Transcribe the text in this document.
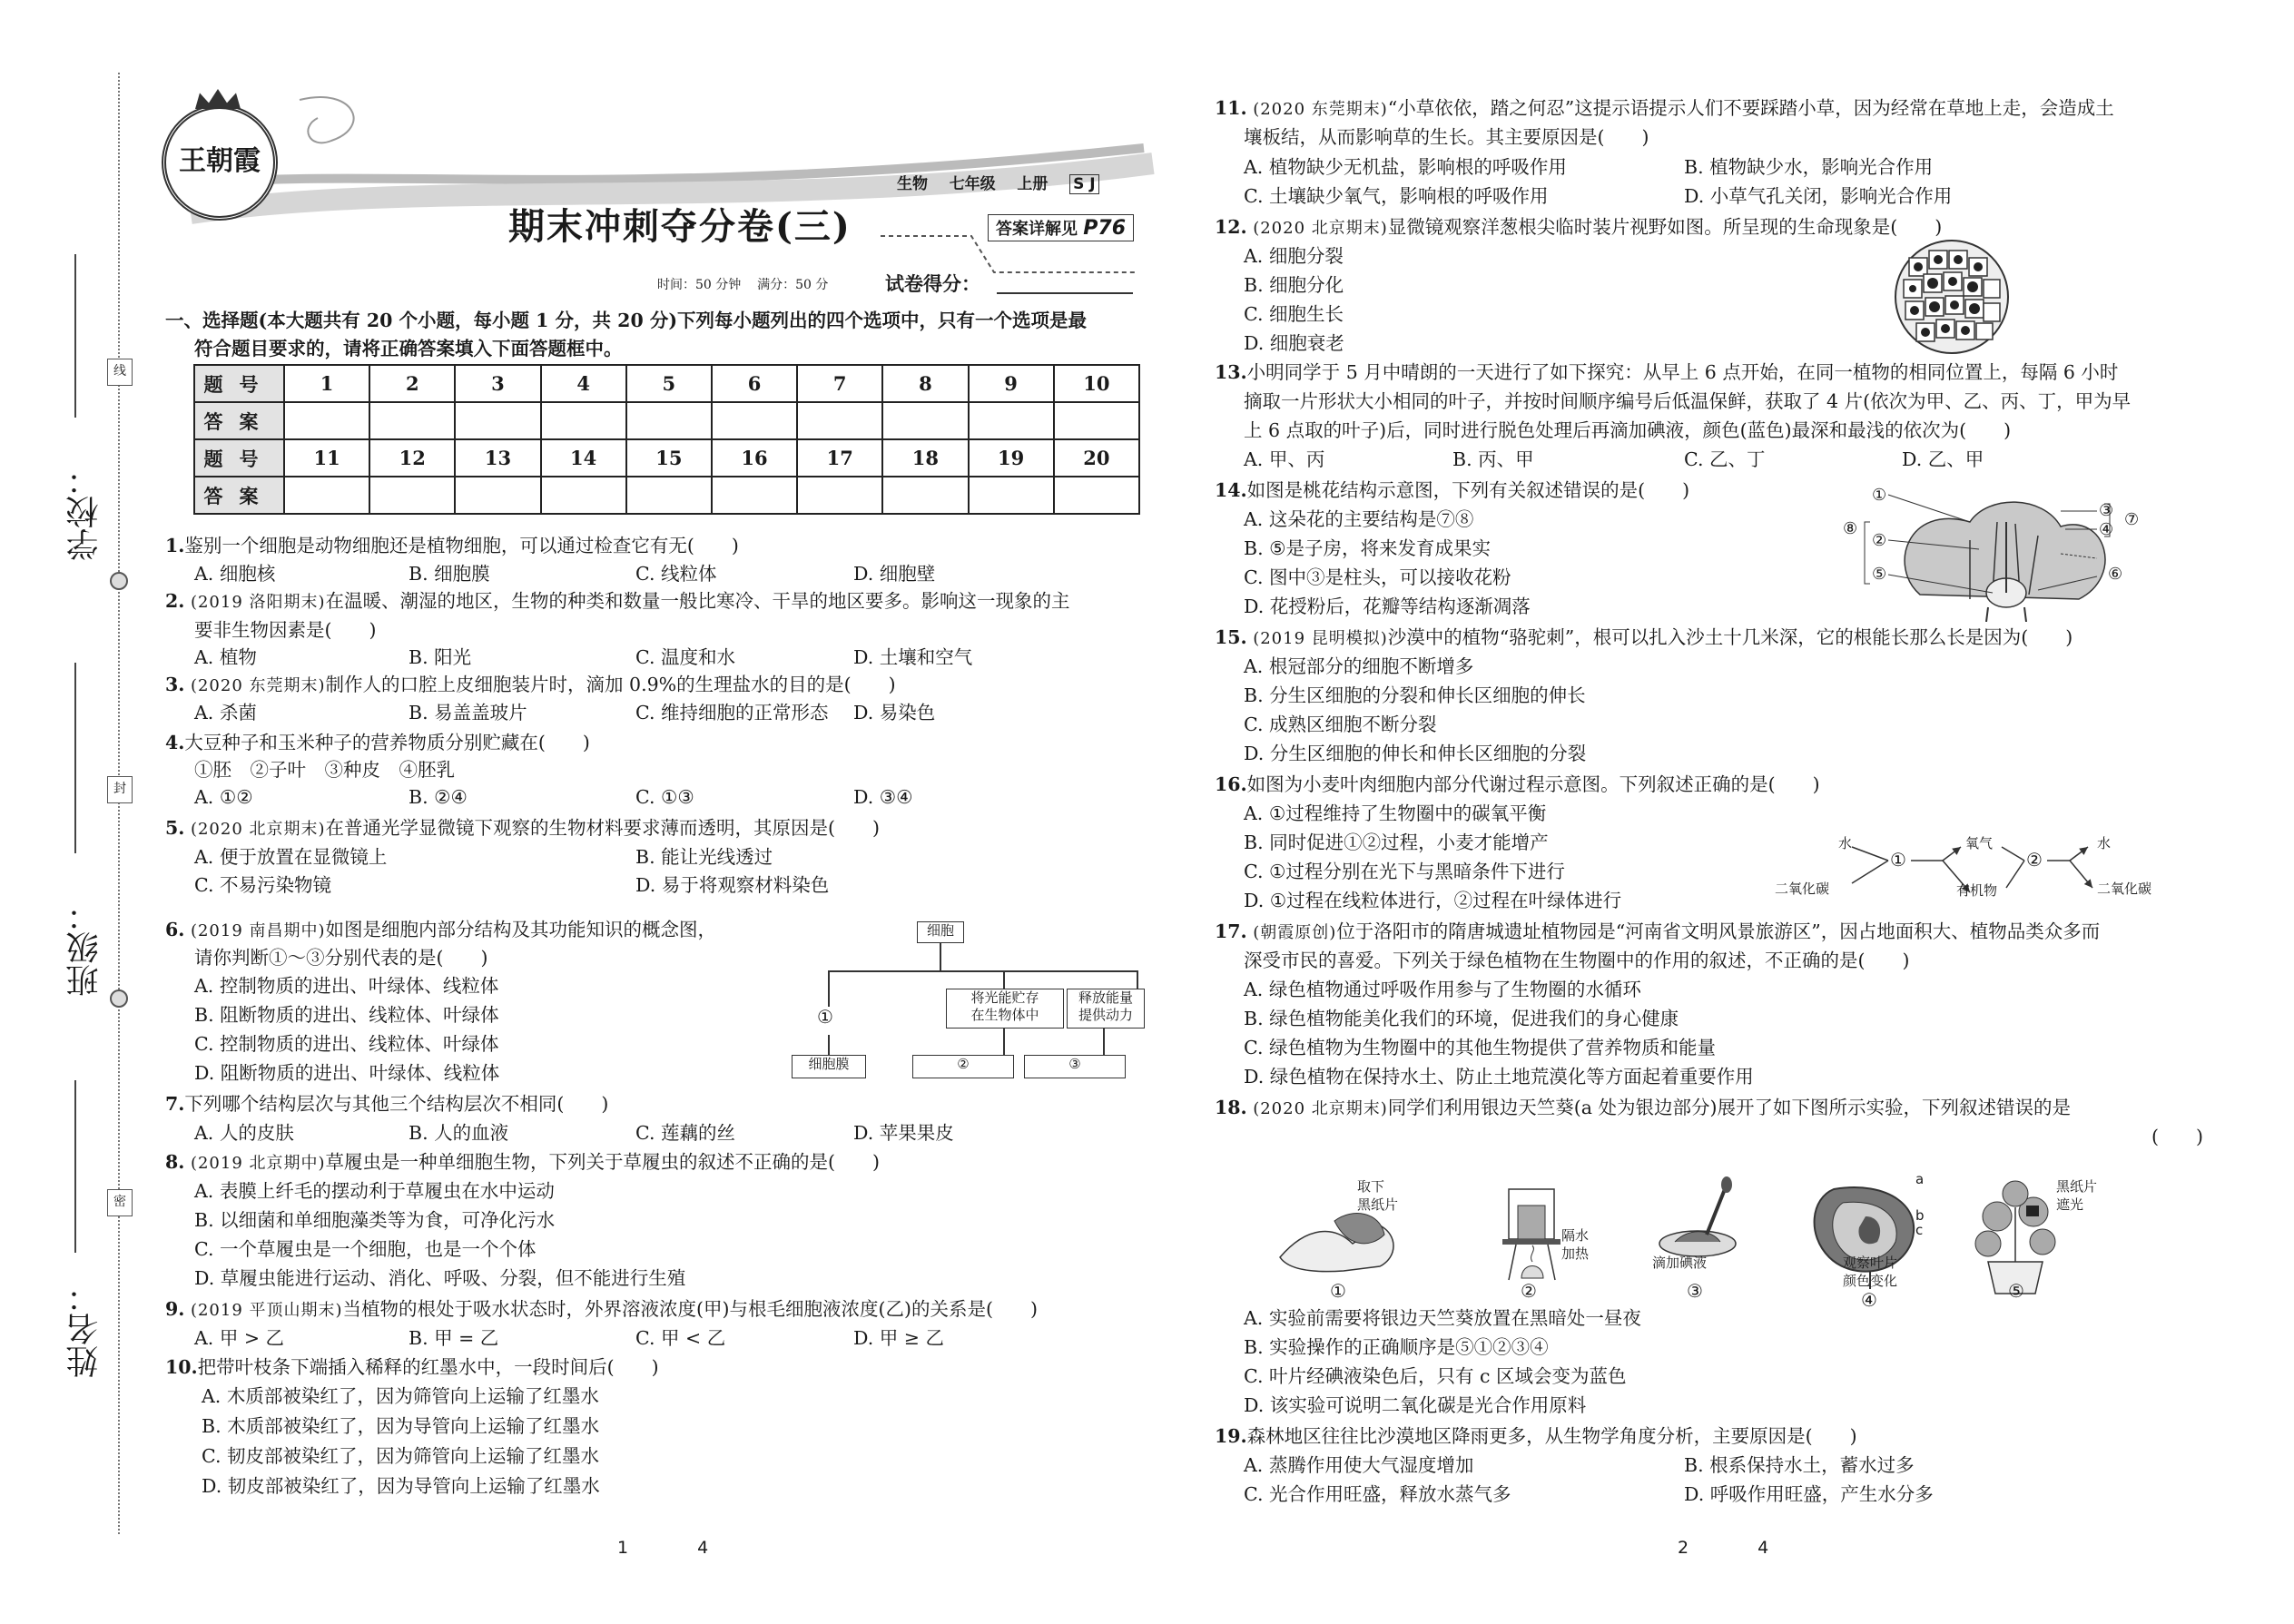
线
封
密
学校：
班级：
姓名：
王朝霞
生物 七年级 上册 S J
期末冲刺夺分卷(三)	答案详解见 P76
时间：50 分钟 满分：50 分	试卷得分：
一、选择题(本大题共有 20 个小题，每小题 1 分，共 20 分)下列每小题列出的四个选项中，只有一个选项是最
符合题目要求的，请将正确答案填入下面答题框中。
题号	1	2	3	4	5	6	7	8	9	10
答案										
题号	11	12	13	14	15	16	17	18	19	20
答案										
1.鉴别一个细胞是动物细胞还是植物细胞，可以通过检查它有无(　　)
A. 细胞核	B. 细胞膜	C. 线粒体	D. 细胞壁
2. (2019 洛阳期末)在温暖、潮湿的地区，生物的种类和数量一般比寒冷、干旱的地区要多。影响这一现象的主
要非生物因素是(　　)
A. 植物	B. 阳光	C. 温度和水	D. 土壤和空气
3. (2020 东莞期末)制作人的口腔上皮细胞装片时，滴加 0.9%的生理盐水的目的是(　　)
A. 杀菌	B. 易盖盖玻片	C. 维持细胞的正常形态 D. 易染色
4.大豆种子和玉米种子的营养物质分别贮藏在(　　)
①胚　②子叶　③种皮　④胚乳
A. ①②	B. ②④	C. ①③	D. ③④
5. (2020 北京期末)在普通光学显微镜下观察的生物材料要求薄而透明，其原因是(　　)
A. 便于放置在显微镜上	B. 能让光线透过
C. 不易污染物镜	D. 易于将观察材料染色
6. (2019 南昌期中)如图是细胞内部分结构及其功能知识的概念图，
请你判断①～③分别代表的是(　　)
A. 控制物质的进出、叶绿体、线粒体
B. 阻断物质的进出、线粒体、叶绿体
C. 控制物质的进出、线粒体、叶绿体
D. 阻断物质的进出、叶绿体、线粒体
7.下列哪个结构层次与其他三个结构层次不相同(　　)
A. 人的皮肤	B. 人的血液	C. 莲藕的丝	D. 苹果果皮
8. (2019 北京期中)草履虫是一种单细胞生物，下列关于草履虫的叙述不正确的是(　　)
A. 表膜上纤毛的摆动利于草履虫在水中运动
B. 以细菌和单细胞藻类等为食，可净化污水
C. 一个草履虫是一个细胞，也是一个个体
D. 草履虫能进行运动、消化、呼吸、分裂，但不能进行生殖
9. (2019 平顶山期末)当植物的根处于吸水状态时，外界溶液浓度(甲)与根毛细胞液浓度(乙)的关系是(　　)
A. 甲 > 乙	B. 甲 = 乙	C. 甲 < 乙	D. 甲 ≥ 乙
10.把带叶枝条下端插入稀释的红墨水中，一段时间后(　　)
A. 木质部被染红了，因为筛管向上运输了红墨水
B. 木质部被染红了，因为导管向上运输了红墨水
C. 韧皮部被染红了，因为筛管向上运输了红墨水
D. 韧皮部被染红了，因为导管向上运输了红墨水
细胞
①
将光能贮存
在生物体中
释放能量
提供动力
细胞膜	②	③
11. (2020 东莞期末)“小草依依，踏之何忍”这提示语提示人们不要踩踏小草，因为经常在草地上走，会造成土
壤板结，从而影响草的生长。其主要原因是(　　)
A. 植物缺少无机盐，影响根的呼吸作用	B. 植物缺少水，影响光合作用
C. 土壤缺少氧气，影响根的呼吸作用	D. 小草气孔关闭，影响光合作用
12. (2020 北京期末)显微镜观察洋葱根尖临时装片视野如图。所呈现的生命现象是(　　)
A. 细胞分裂
B. 细胞分化
C. 细胞生长
D. 细胞衰老
13.小明同学于 5 月中晴朗的一天进行了如下探究：从早上 6 点开始，在同一植物的相同位置上，每隔 6 小时
摘取一片形状大小相同的叶子，并按时间顺序编号后低温保鲜，获取了 4 片(依次为甲、乙、丙、丁，甲为早
上 6 点取的叶子)后，同时进行脱色处理后再滴加碘液，颜色(蓝色)最深和最浅的依次为(　　)
A. 甲、丙	B. 丙、甲	C. 乙、丁	D. 乙、甲
14.如图是桃花结构示意图，下列有关叙述错误的是(　　)
A. 这朵花的主要结构是⑦⑧
B. ⑤是子房，将来发育成果实
C. 图中③是柱头，可以接收花粉
D. 花授粉后，花瓣等结构逐渐凋落
15. (2019 昆明模拟)沙漠中的植物“骆驼刺”，根可以扎入沙土十几米深，它的根能长那么长是因为(　　)
A. 根冠部分的细胞不断增多
B. 分生区细胞的分裂和伸长区细胞的伸长
C. 成熟区细胞不断分裂
D. 分生区细胞的伸长和伸长区细胞的分裂
16.如图为小麦叶肉细胞内部分代谢过程示意图。下列叙述正确的是(　　)
A. ①过程维持了生物圈中的碳氧平衡
B. 同时促进①②过程，小麦才能增产
C. ①过程分别在光下与黑暗条件下进行
D. ①过程在线粒体进行，②过程在叶绿体进行
17. (朝霞原创)位于洛阳市的隋唐城遗址植物园是“河南省文明风景旅游区”，因占地面积大、植物品类众多而
深受市民的喜爱。下列关于绿色植物在生物圈中的作用的叙述，不正确的是(　　)
A. 绿色植物通过呼吸作用参与了生物圈的水循环
B. 绿色植物能美化我们的环境，促进我们的身心健康
C. 绿色植物为生物圈中的其他生物提供了营养物质和能量
D. 绿色植物在保持水土、防止土地荒漠化等方面起着重要作用
18. (2020 北京期末)同学们利用银边天竺葵(a 处为银边部分)展开了如下图所示实验，下列叙述错误的是
(　　)
A. 实验前需要将银边天竺葵放置在黑暗处一昼夜
B. 实验操作的正确顺序是⑤①②③④
C. 叶片经碘液染色后，只有 c 区域会变为蓝色
D. 该实验可说明二氧化碳是光合作用原料
19.森林地区往往比沙漠地区降雨更多，从生物学角度分析，主要原因是(　　)
A. 蒸腾作用使大气湿度增加	B. 根系保持水土，蓄水过多
C. 光合作用旺盛，释放水蒸气多	D. 呼吸作用旺盛，产生水分多
①
②
⑤
⑧
③
④
⑦
⑥
水
二氧化碳
①
氧气
有机物
②
水
二氧化碳
取下
黑纸片
隔水
加热
滴加碘液	观察叶片
颜色变化
a
b
c
黑纸片
遮光
①	②	③	④	⑤
1　　　　4	2　　　　4
